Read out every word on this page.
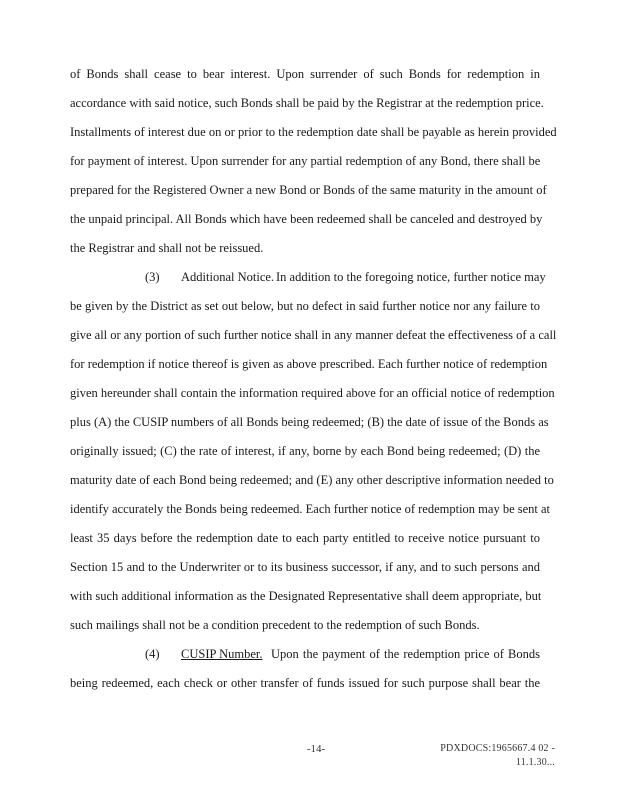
of Bonds shall cease to bear interest. Upon surrender of such Bonds for redemption in
accordance with said notice, such Bonds shall be paid by the Registrar at the redemption price.
Installments of interest due on or prior to the redemption date shall be payable as herein provided
for payment of interest. Upon surrender for any partial redemption of any Bond, there shall be
prepared for the Registered Owner a new Bond or Bonds of the same maturity in the amount of
the unpaid principal. All Bonds which have been redeemed shall be canceled and destroyed by
the Registrar and shall not be reissued.
(3) Additional Notice. In addition to the foregoing notice, further notice may
be given by the District as set out below, but no defect in said further notice nor any failure to
give all or any portion of such further notice shall in any manner defeat the effectiveness of a call
for redemption if notice thereof is given as above prescribed. Each further notice of redemption
given hereunder shall contain the information required above for an official notice of redemption
plus (A) the CUSIP numbers of all Bonds being redeemed; (B) the date of issue of the Bonds as
originally issued; (C) the rate of interest, if any, borne by each Bond being redeemed; (D) the
maturity date of each Bond being redeemed; and (E) any other descriptive information needed to
identify accurately the Bonds being redeemed. Each further notice of redemption may be sent at
least 35 days before the redemption date to each party entitled to receive notice pursuant to
Section 15 and to the Underwriter or to its business successor, if any, and to such persons and
with such additional information as the Designated Representative shall deem appropriate, but
such mailings shall not be a condition precedent to the redemption of such Bonds.
(4) CUSIP Number. Upon the payment of the redemption price of Bonds
being redeemed, each check or other transfer of funds issued for such purpose shall bear the
-14-	PDXDOCS:1965667.4 02 - 11.1.30...
